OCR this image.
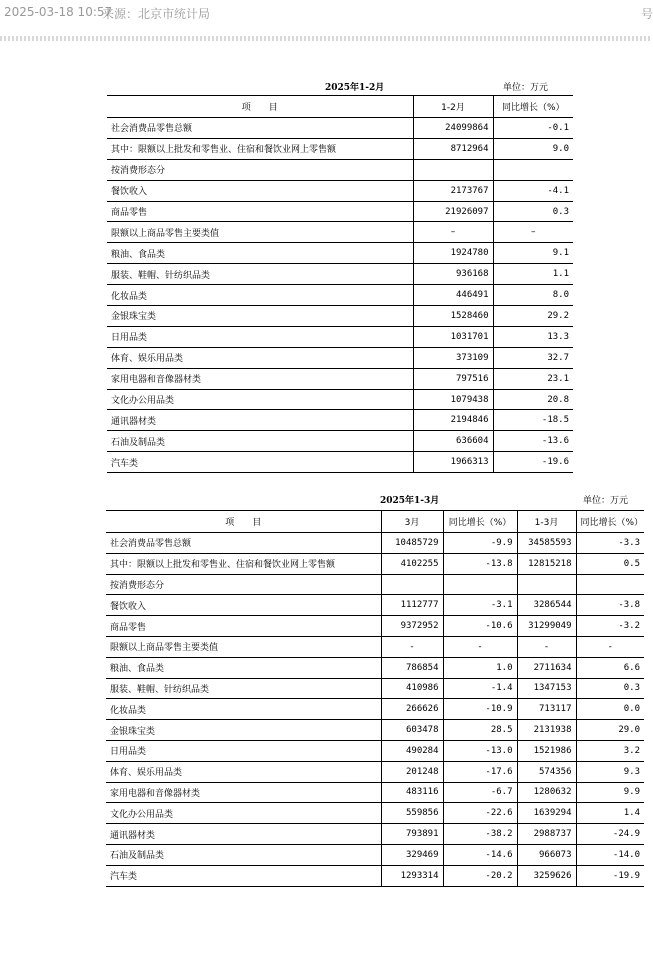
2025-03-18 10:57
来源：北京市统计局	号
2025年1-2月	单位：万元
项　　目	1-2月	同比增长（%）
社会消费品零售总额	24099864	-0.1
其中：限额以上批发和零售业、住宿和餐饮业网上零售额	8712964	9.0
按消费形态分		
餐饮收入	2173767	-4.1
商品零售	21926097	0.3
限额以上商品零售主要类值	–	–
粮油、食品类	1924780	9.1
服装、鞋帽、针纺织品类	936168	1.1
化妆品类	446491	8.0
金银珠宝类	1528460	29.2
日用品类	1031701	13.3
体育、娱乐用品类	373109	32.7
家用电器和音像器材类	797516	23.1
文化办公用品类	1079438	20.8
通讯器材类	2194846	-18.5
石油及制品类	636604	-13.6
汽车类	1966313	-19.6
2025年1-3月	单位：万元
项　　目	3月	同比增长（%）	1-3月	同比增长（%）
社会消费品零售总额	10485729	-9.9	34585593	-3.3
其中：限额以上批发和零售业、住宿和餐饮业网上零售额	4102255	-13.8	12815218	0.5
按消费形态分				
餐饮收入	1112777	-3.1	3286544	-3.8
商品零售	9372952	-10.6	31299049	-3.2
限额以上商品零售主要类值	-	-	-	-
粮油、食品类	786854	1.0	2711634	6.6
服装、鞋帽、针纺织品类	410986	-1.4	1347153	0.3
化妆品类	266626	-10.9	713117	0.0
金银珠宝类	603478	28.5	2131938	29.0
日用品类	490284	-13.0	1521986	3.2
体育、娱乐用品类	201248	-17.6	574356	9.3
家用电器和音像器材类	483116	-6.7	1280632	9.9
文化办公用品类	559856	-22.6	1639294	1.4
通讯器材类	793891	-38.2	2988737	-24.9
石油及制品类	329469	-14.6	966073	-14.0
汽车类	1293314	-20.2	3259626	-19.9
